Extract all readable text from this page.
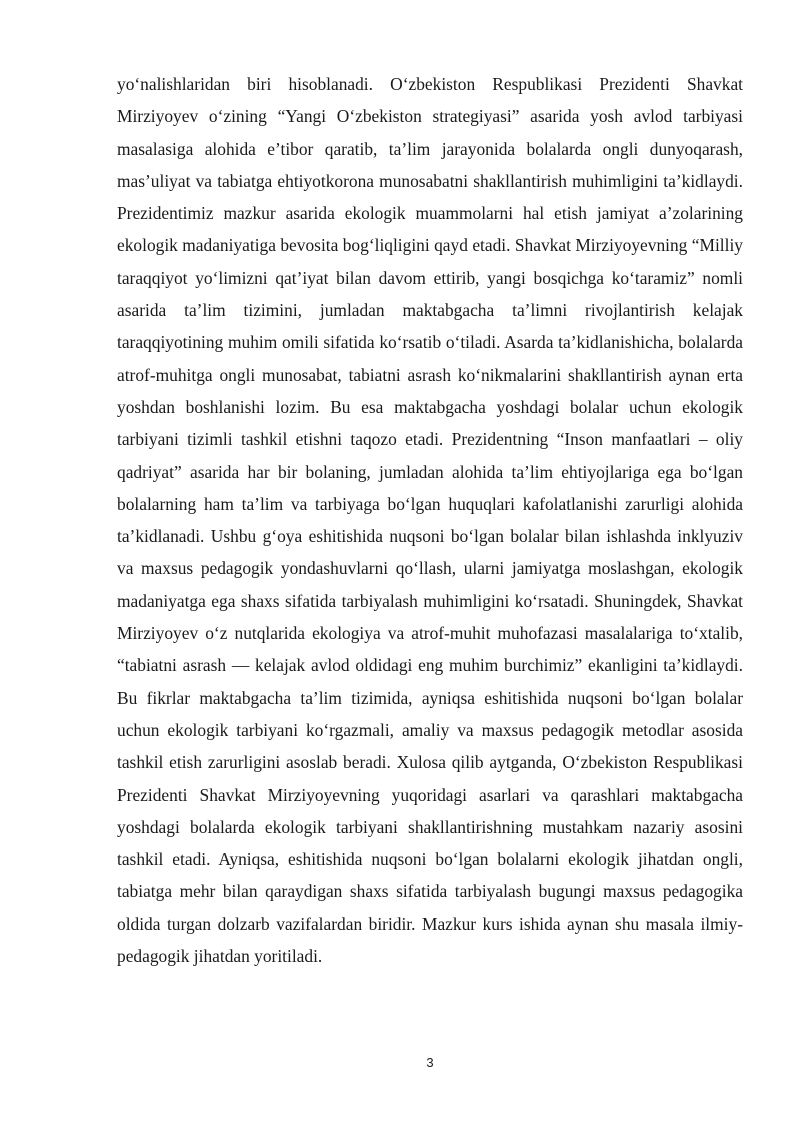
yo‘nalishlaridan biri hisoblanadi. O‘zbekiston Respublikasi Prezidenti Shavkat Mirziyoyev o‘zining “Yangi O‘zbekiston strategiyasi” asarida yosh avlod tarbiyasi masalasiga alohida e’tibor qaratib, ta’lim jarayonida bolalarda ongli dunyoqarash, mas’uliyat va tabiatga ehtiyotkorona munosabatni shakllantirish muhimligini ta’kidlaydi. Prezidentimiz mazkur asarida ekologik muammolarni hal etish jamiyat a’zolarining ekologik madaniyatiga bevosita bog‘liqligini qayd etadi. Shavkat Mirziyoyevning “Milliy taraqqiyot yo‘limizni qat’iyat bilan davom ettirib, yangi bosqichga ko‘taramiz” nomli asarida ta’lim tizimini, jumladan maktabgacha ta’limni rivojlantirish kelajak taraqqiyotining muhim omili sifatida ko‘rsatib o‘tiladi. Asarda ta’kidlanishicha, bolalarda atrof-muhitga ongli munosabat, tabiatni asrash ko‘nikmalarini shakllantirish aynan erta yoshdan boshlanishi lozim. Bu esa maktabgacha yoshdagi bolalar uchun ekologik tarbiyani tizimli tashkil etishni taqozo etadi. Prezidentning “Inson manfaatlari – oliy qadriyat” asarida har bir bolaning, jumladan alohida ta’lim ehtiyojlariga ega bo‘lgan bolalarning ham ta’lim va tarbiyaga bo‘lgan huquqlari kafolatlanishi zarurligi alohida ta’kidlanadi. Ushbu g‘oya eshitishida nuqsoni bo‘lgan bolalar bilan ishlashda inklyuziv va maxsus pedagogik yondashuvlarni qo‘llash, ularni jamiyatga moslashgan, ekologik madaniyatga ega shaxs sifatida tarbiyalash muhimligini ko‘rsatadi. Shuningdek, Shavkat Mirziyoyev o‘z nutqlarida ekologiya va atrof-muhit muhofazasi masalalariga to‘xtalib, “tabiatni asrash — kelajak avlod oldidagi eng muhim burchimiz” ekanligini ta’kidlaydi. Bu fikrlar maktabgacha ta’lim tizimida, ayniqsa eshitishida nuqsoni bo‘lgan bolalar uchun ekologik tarbiyani ko‘rgazmali, amaliy va maxsus pedagogik metodlar asosida tashkil etish zarurligini asoslab beradi. Xulosa qilib aytganda, O‘zbekiston Respublikasi Prezidenti Shavkat Mirziyoyevning yuqoridagi asarlari va qarashlari maktabgacha yoshdagi bolalarda ekologik tarbiyani shakllantirishning mustahkam nazariy asosini tashkil etadi. Ayniqsa, eshitishida nuqsoni bo‘lgan bolalarni ekologik jihatdan ongli, tabiatga mehr bilan qaraydigan shaxs sifatida tarbiyalash bugungi maxsus pedagogika oldida turgan dolzarb vazifalardan biridir. Mazkur kurs ishida aynan shu masala ilmiy-pedagogik jihatdan yoritiladi.

3
